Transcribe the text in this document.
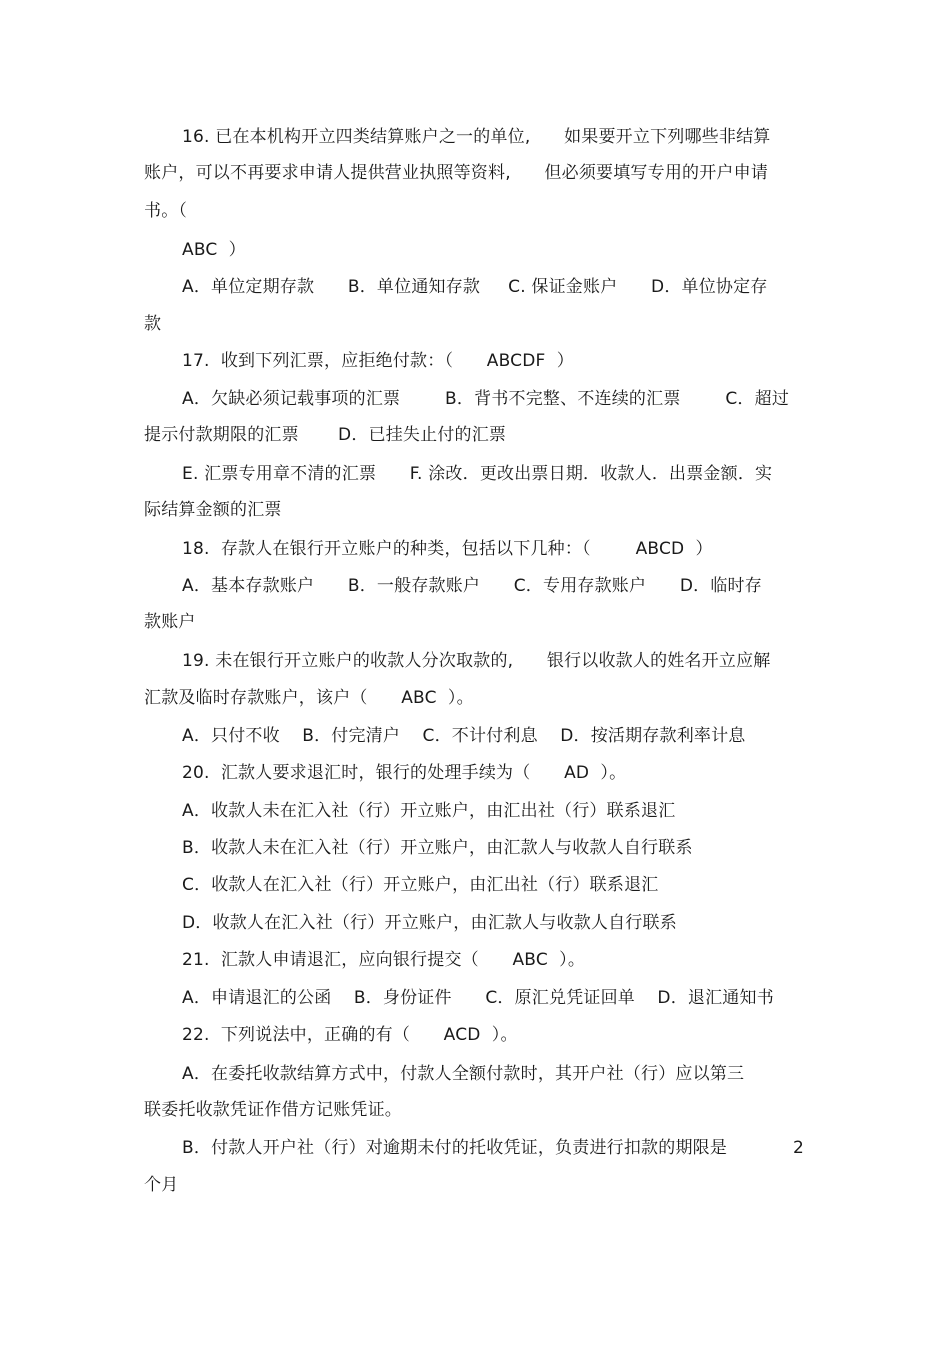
16. 已在本机构开立四类结算账户之一的单位,      如果要开立下列哪些非结算
账户，可以不再要求申请人提供营业执照等资料,      但必须要填写专用的开户申请
书。（
ABC  ）
A．单位定期存款      B．单位通知存款     C. 保证金账户      D．单位协定存
款
17.  收到下列汇票，应拒绝付款：（      ABCDF  ）
A．欠缺必须记载事项的汇票        B．背书不完整、不连续的汇票        C．超过
提示付款期限的汇票       D．已挂失止付的汇票
E. 汇票专用章不清的汇票      F. 涂改．更改出票日期．收款人．出票金额．实
际结算金额的汇票
18.  存款人在银行开立账户的种类，包括以下几种：（        ABCD  ）
A．基本存款账户      B．一般存款账户      C．专用存款账户      D．临时存
款账户
19. 未在银行开立账户的收款人分次取款的,      银行以收款人的姓名开立应解
汇款及临时存款账户，该户（      ABC  ）。
A．只付不收    B．付完清户    C．不计付利息    D．按活期存款利率计息
20.  汇款人要求退汇时，银行的处理手续为（      AD  ）。
A．收款人未在汇入社（行）开立账户，由汇出社（行）联系退汇
B．收款人未在汇入社（行）开立账户，由汇款人与收款人自行联系
C．收款人在汇入社（行）开立账户，由汇出社（行）联系退汇
D．收款人在汇入社（行）开立账户，由汇款人与收款人自行联系
21.  汇款人申请退汇，应向银行提交（      ABC  ）。
A．申请退汇的公函    B．身份证件      C．原汇兑凭证回单    D．退汇通知书
22.  下列说法中，正确的有（      ACD  ）。
A．在委托收款结算方式中，付款人全额付款时，其开户社（行）应以第三
联委托收款凭证作借方记账凭证。
B．付款人开户社（行）对逾期未付的托收凭证，负责进行扣款的期限是	2
个月
